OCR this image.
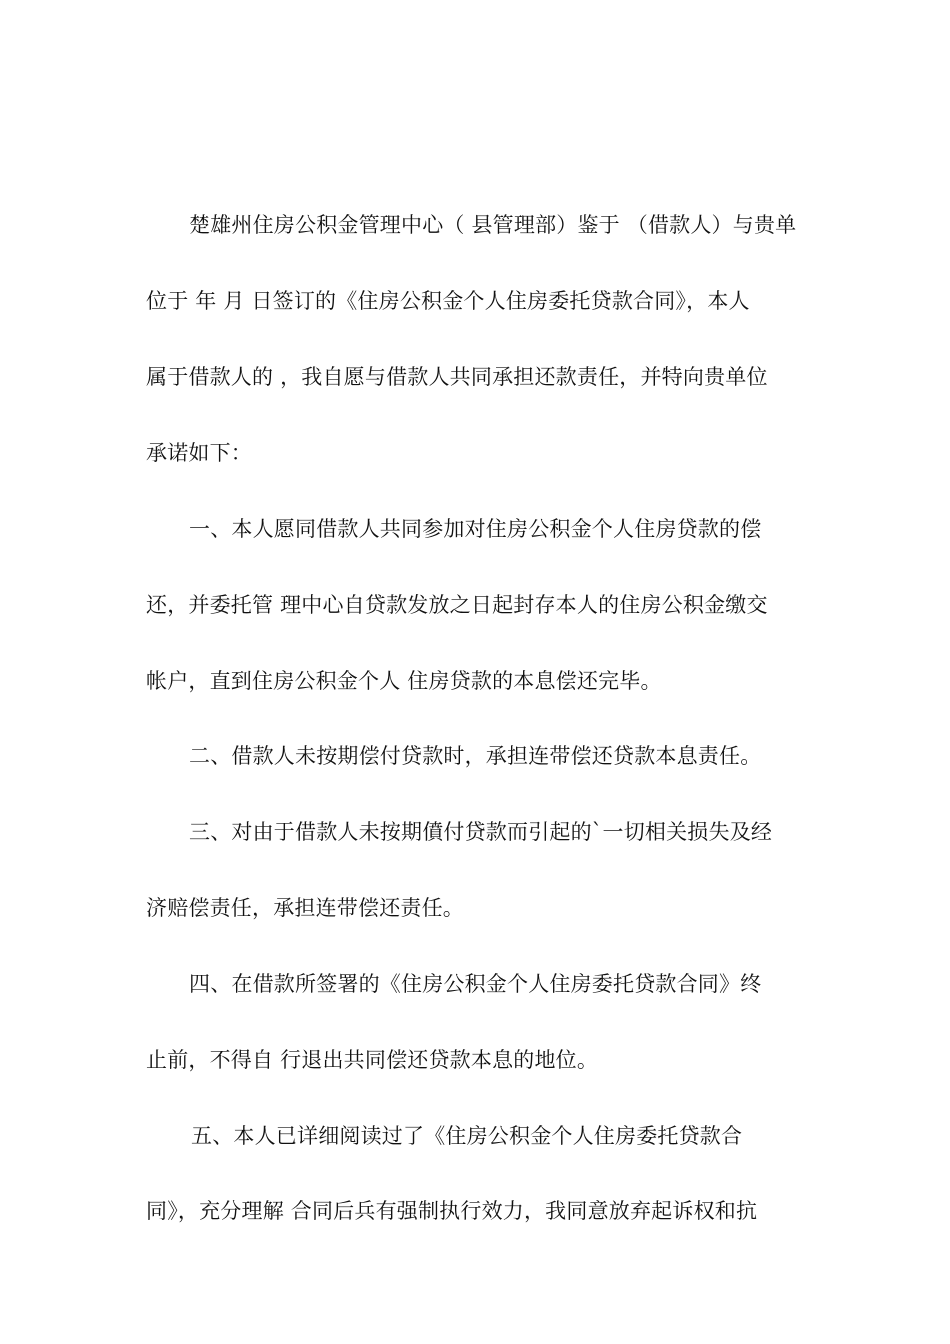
楚雄州住房公积金管理中心（ 县管理部）鉴于 （借款人）与贵单
位于 年 月 日签订的《住房公积金个人住房委托贷款合同》，本人
属于借款人的 ，我自愿与借款人共同承担还款责任，并特向贵单位
承诺如下：
一、本人愿同借款人共同参加对住房公积金个人住房贷款的偿
还，并委托管 理中心自贷款发放之日起封存本人的住房公积金缴交
帐户，直到住房公积金个人 住房贷款的本息偿还完毕。
二、借款人未按期偿付贷款时，承担连带偿还贷款本息责任。
三、对由于借款人未按期僨付贷款而引起的`一切相关损失及经
济赔偿责任，承担连带偿还责任。
四、在借款所签署的《住房公积金个人住房委托贷款合同》终
止前，不得自 行退出共同偿还贷款本息的地位。
五、本人已详细阅读过了《住房公积金个人住房委托贷款合
同》，充分理解 合同后兵有强制执行效力，我同意放弃起诉权和抗
